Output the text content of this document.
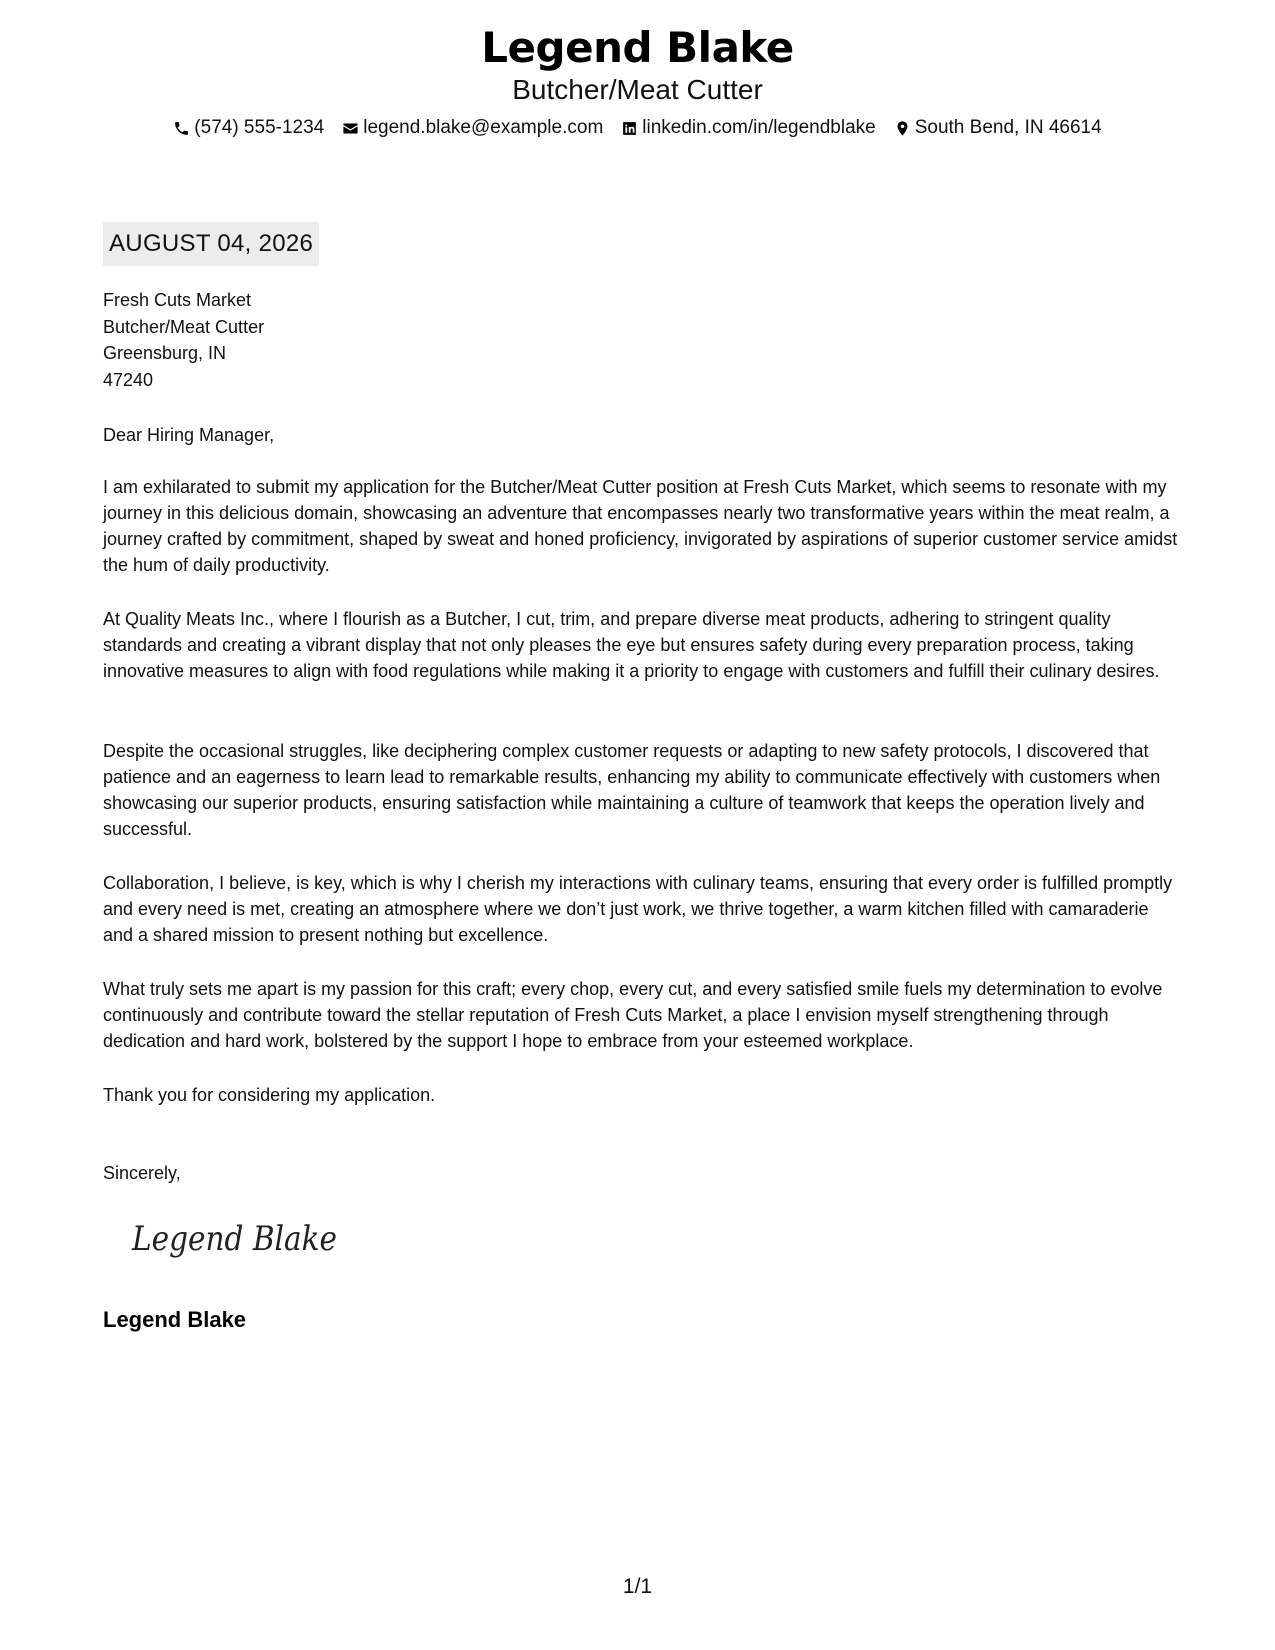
Legend Blake
Butcher/Meat Cutter
(574) 555-1234 legend.blake@example.com linkedin.com/in/legendblake South Bend, IN 46614
AUGUST 04, 2026
Fresh Cuts Market
Butcher/Meat Cutter
Greensburg, IN
47240

Dear Hiring Manager,

I am exhilarated to submit my application for the Butcher/Meat Cutter position at Fresh Cuts Market, which seems to resonate with my journey in this delicious domain, showcasing an adventure that encompasses nearly two transformative years within the meat realm, a journey crafted by commitment, shaped by sweat and honed proficiency, invigorated by aspirations of superior customer service amidst the hum of daily productivity.

At Quality Meats Inc., where I flourish as a Butcher, I cut, trim, and prepare diverse meat products, adhering to stringent quality standards and creating a vibrant display that not only pleases the eye but ensures safety during every preparation process, taking innovative measures to align with food regulations while making it a priority to engage with customers and fulfill their culinary desires.

Despite the occasional struggles, like deciphering complex customer requests or adapting to new safety protocols, I discovered that patience and an eagerness to learn lead to remarkable results, enhancing my ability to communicate effectively with customers when showcasing our superior products, ensuring satisfaction while maintaining a culture of teamwork that keeps the operation lively and successful.

Collaboration, I believe, is key, which is why I cherish my interactions with culinary teams, ensuring that every order is fulfilled promptly and every need is met, creating an atmosphere where we don’t just work, we thrive together, a warm kitchen filled with camaraderie and a shared mission to present nothing but excellence.

What truly sets me apart is my passion for this craft; every chop, every cut, and every satisfied smile fuels my determination to evolve continuously and contribute toward the stellar reputation of Fresh Cuts Market, a place I envision myself strengthening through dedication and hard work, bolstered by the support I hope to embrace from your esteemed workplace.

Thank you for considering my application.

Sincerely,

Legend Blake
Legend Blake
1/1
